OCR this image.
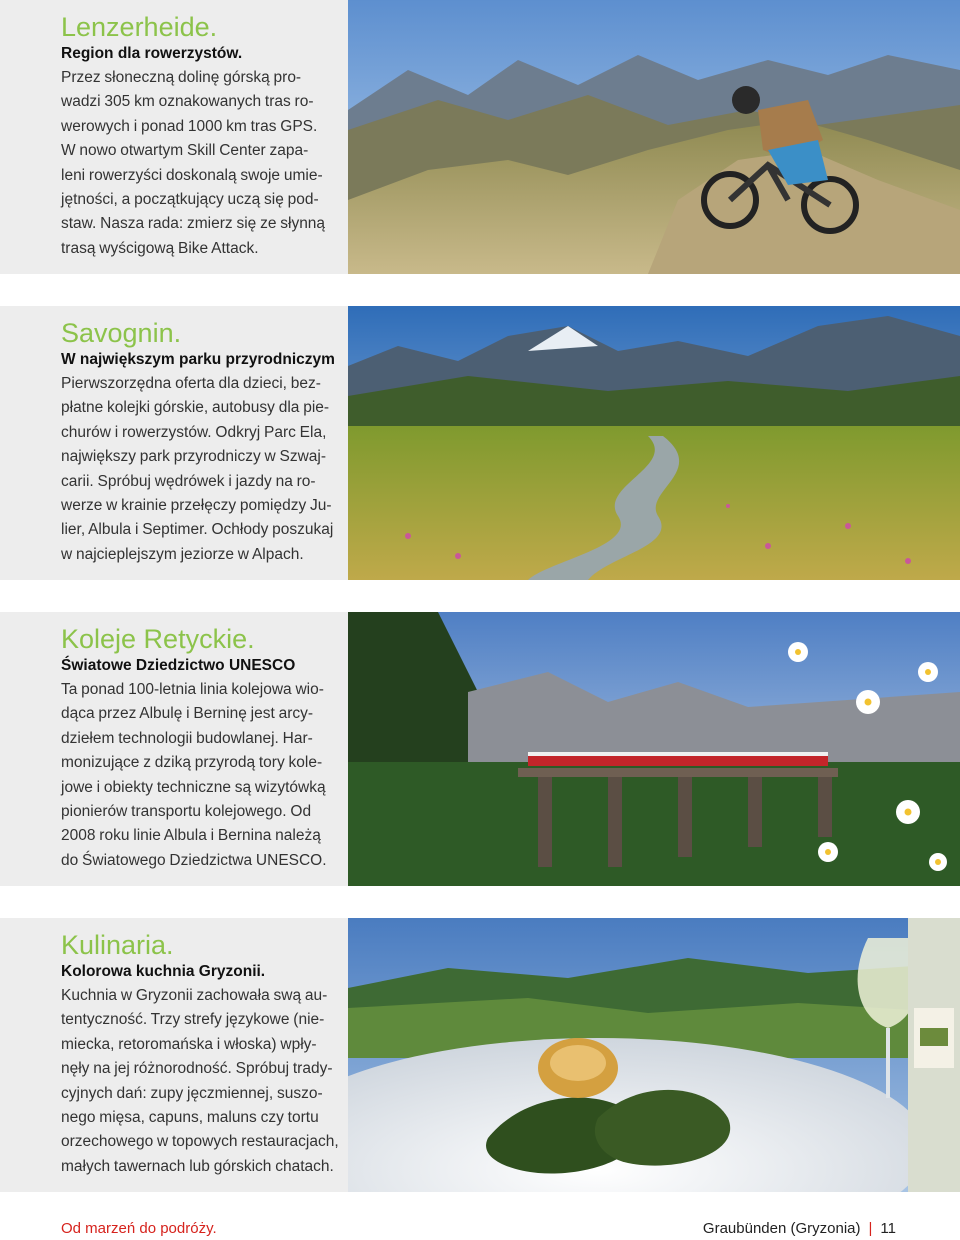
Lenzerheide.

Region dla rowerzystów.

Przez słoneczną dolinę górską pro-
wadzi 305 km oznakowanych tras ro-
werowych i ponad 1000 km tras GPS.
W nowo otwartym Skill Center zapa-
leni rowerzyści doskonalą swoje umie-
jętności, a początkujący uczą się pod-
staw. Nasza rada: zmierz się ze słynną
trasą wyścigową Bike Attack.

Savognin.

W największym parku przyrodniczym

Pierwszorzędna oferta dla dzieci, bez-
płatne kolejki górskie, autobusy dla pie-
churów i rowerzystów. Odkryj Parc Ela,
największy park przyrodniczy w Szwaj-
carii. Spróbuj wędrówek i jazdy na ro-
werze w krainie przełęczy pomiędzy Ju-
lier, Albula i Septimer. Ochłody poszukaj
w najcieplejszym jeziorze w Alpach.

Koleje Retyckie.

Światowe Dziedzictwo UNESCO

Ta ponad 100-letnia linia kolejowa wio-
dąca przez Albulę i Berninę jest arcy-
dziełem technologii budowlanej. Har-
monizujące z dziką przyrodą tory kole-
jowe i obiekty techniczne są wizytówką
pionierów transportu kolejowego. Od
2008 roku linie Albula i Bernina należą
do Światowego Dziedzictwa UNESCO.

Kulinaria.

Kolorowa kuchnia Gryzonii.

Kuchnia w Gryzonii zachowała swą au-
tentyczność. Trzy strefy językowe (nie-
miecka, retoromańska i włoska) wpły-
nęły na jej różnorodność. Spróbuj trady-
cyjnych dań: zupy jęczmiennej, suszo-
nego mięsa, capuns, maluns czy tortu
orzechowego w topowych restauracjach,
małych tawernach lub górskich chatach.

Od marzeń do podróży.	Graubünden (Gryzonia) | 11
